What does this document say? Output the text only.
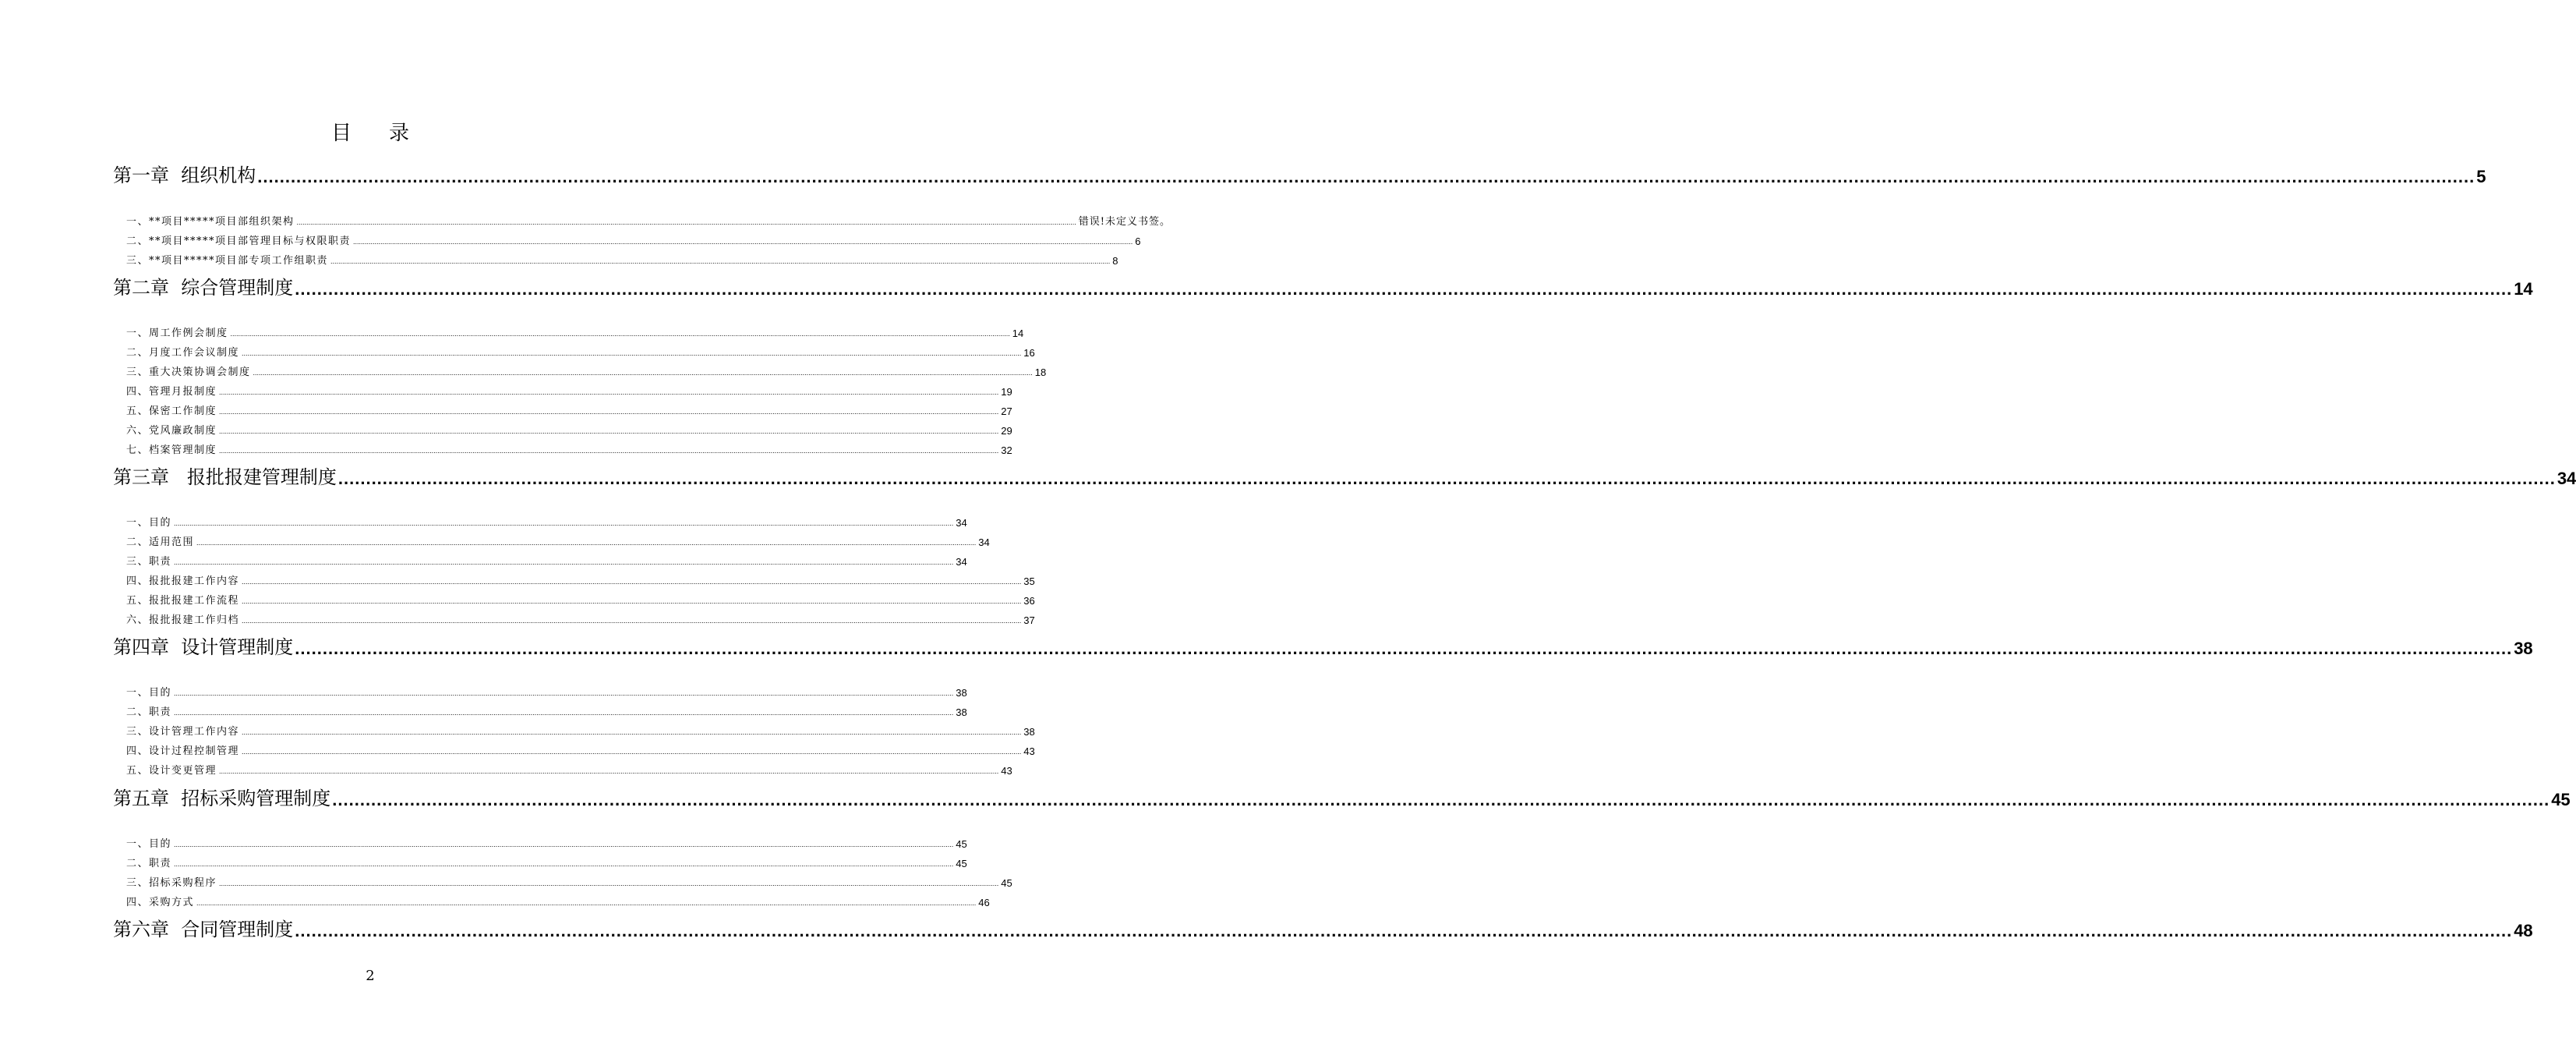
目录
第一章  组织机构 ................................................................................................................................................................................................................................................................................................................................................................................................................ 5
一、**项目*****项目部组织架构 ................................................................................................................................................................................................................................................................................................................................................................................................................ 错误!未定义书签。
二、**项目*****项目部管理目标与权限职责 ................................................................................................................................................................................................................................................................................................................................................................................................................ 6
三、**项目*****项目部专项工作组职责 ................................................................................................................................................................................................................................................................................................................................................................................................................ 8
第二章  综合管理制度 ................................................................................................................................................................................................................................................................................................................................................................................................................ 14
一、周工作例会制度 ................................................................................................................................................................................................................................................................................................................................................................................................................ 14
二、月度工作会议制度 ................................................................................................................................................................................................................................................................................................................................................................................................................ 16
三、重大决策协调会制度 ................................................................................................................................................................................................................................................................................................................................................................................................................ 18
四、管理月报制度 ................................................................................................................................................................................................................................................................................................................................................................................................................ 19
五、保密工作制度 ................................................................................................................................................................................................................................................................................................................................................................................................................ 27
六、党风廉政制度 ................................................................................................................................................................................................................................................................................................................................................................................................................ 29
七、档案管理制度 ................................................................................................................................................................................................................................................................................................................................................................................................................ 32
第三章   报批报建管理制度 ................................................................................................................................................................................................................................................................................................................................................................................................................ 34
一、目的 ................................................................................................................................................................................................................................................................................................................................................................................................................ 34
二、适用范围 ................................................................................................................................................................................................................................................................................................................................................................................................................ 34
三、职责 ................................................................................................................................................................................................................................................................................................................................................................................................................ 34
四、报批报建工作内容 ................................................................................................................................................................................................................................................................................................................................................................................................................ 35
五、报批报建工作流程 ................................................................................................................................................................................................................................................................................................................................................................................................................ 36
六、报批报建工作归档 ................................................................................................................................................................................................................................................................................................................................................................................................................ 37
第四章  设计管理制度 ................................................................................................................................................................................................................................................................................................................................................................................................................ 38
一、目的 ................................................................................................................................................................................................................................................................................................................................................................................................................ 38
二、职责 ................................................................................................................................................................................................................................................................................................................................................................................................................ 38
三、设计管理工作内容 ................................................................................................................................................................................................................................................................................................................................................................................................................ 38
四、设计过程控制管理 ................................................................................................................................................................................................................................................................................................................................................................................................................ 43
五、设计变更管理 ................................................................................................................................................................................................................................................................................................................................................................................................................ 43
第五章  招标采购管理制度 ................................................................................................................................................................................................................................................................................................................................................................................................................ 45
一、目的 ................................................................................................................................................................................................................................................................................................................................................................................................................ 45
二、职责 ................................................................................................................................................................................................................................................................................................................................................................................................................ 45
三、招标采购程序 ................................................................................................................................................................................................................................................................................................................................................................................................................ 45
四、采购方式 ................................................................................................................................................................................................................................................................................................................................................................................................................ 46
第六章  合同管理制度 ................................................................................................................................................................................................................................................................................................................................................................................................................ 48
2
